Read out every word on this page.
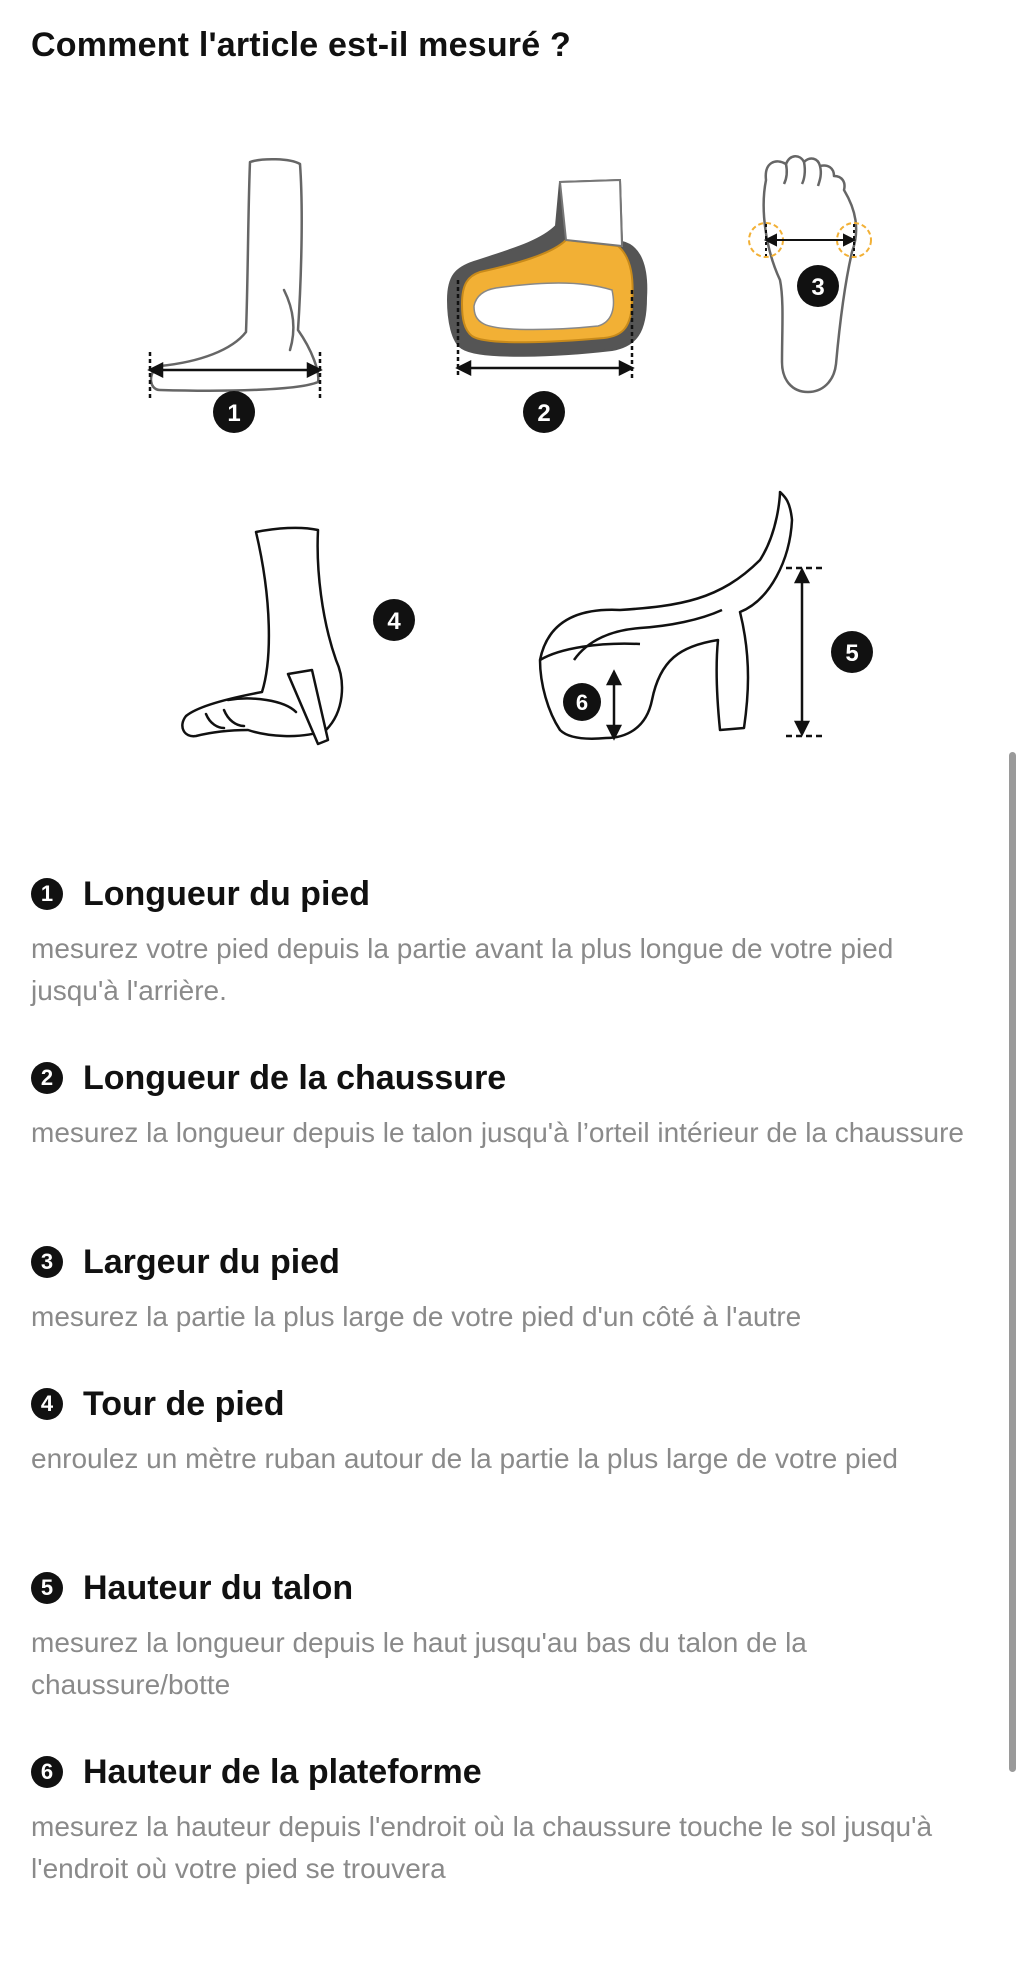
Comment l'article est-il mesuré ?
1	2
3
4
5
6
1 Longueur du pied
mesurez votre pied depuis la partie avant la plus longue de votre pied jusqu'à l'arrière.
2 Longueur de la chaussure
mesurez la longueur depuis le talon jusqu'à l’orteil intérieur de la chaussure
3 Largeur du pied
mesurez la partie la plus large de votre pied d'un côté à l'autre
4 Tour de pied
enroulez un mètre ruban autour de la partie la plus large de votre pied
5 Hauteur du talon
mesurez la longueur depuis le haut jusqu'au bas du talon de la chaussure/botte
6 Hauteur de la plateforme
mesurez la hauteur depuis l'endroit où la chaussure touche le sol jusqu'à l'endroit où votre pied se trouvera
